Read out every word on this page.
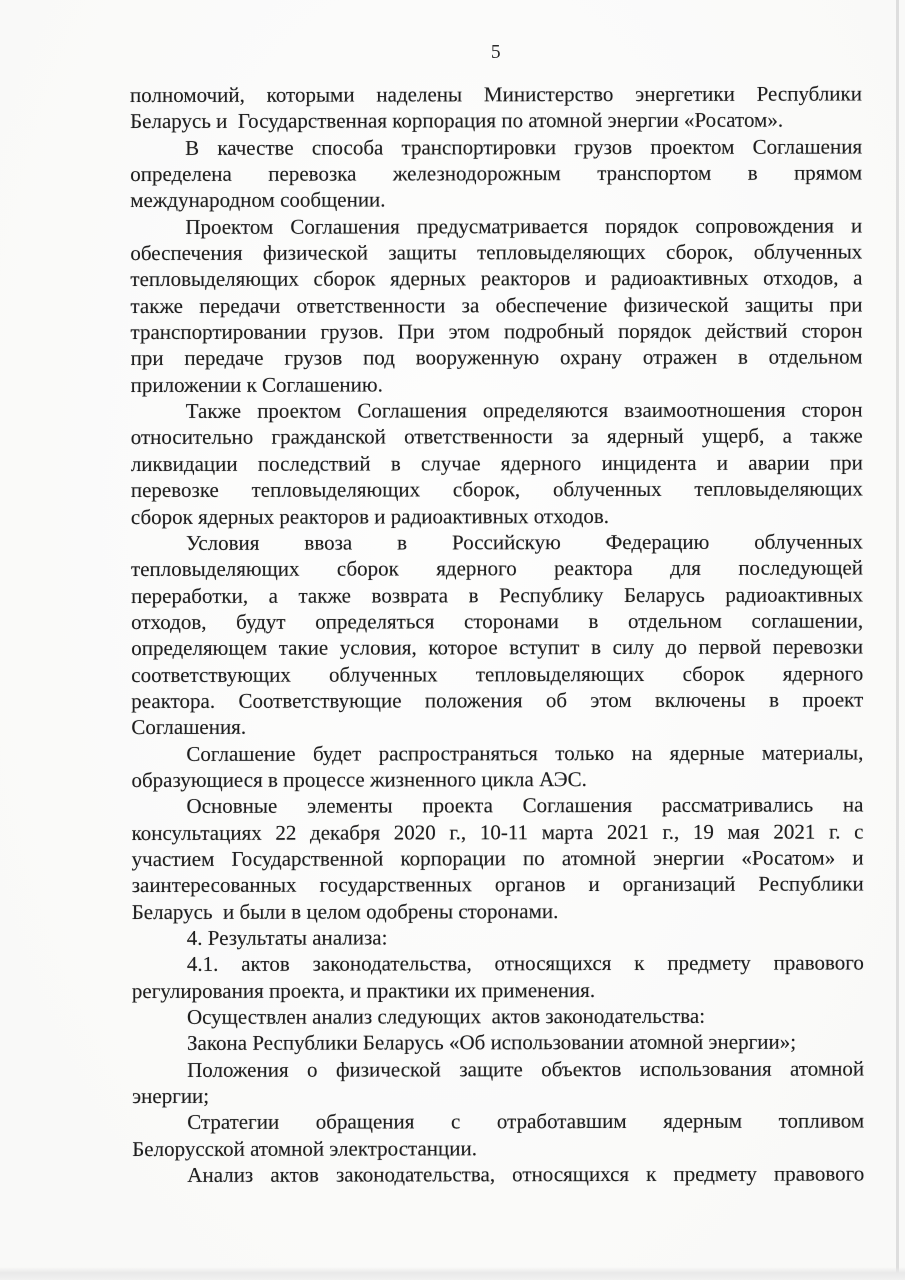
5
полномочий, которыми наделены Министерство энергетики Республики
Беларусь и  Государственная корпорация по атомной энергии «Росатом».
В качестве способа транспортировки грузов проектом Соглашения
определена перевозка железнодорожным транспортом в прямом
международном сообщении.
Проектом Соглашения предусматривается порядок сопровождения и
обеспечения физической защиты тепловыделяющих сборок, облученных
тепловыделяющих сборок ядерных реакторов и радиоактивных отходов, а
также передачи ответственности за обеспечение физической защиты при
транспортировании грузов. При этом подробный порядок действий сторон
при передаче грузов под вооруженную охрану отражен в отдельном
приложении к Соглашению.
Также проектом Соглашения определяются взаимоотношения сторон
относительно гражданской ответственности за ядерный ущерб, а также
ликвидации последствий в случае ядерного инцидента и аварии при
перевозке тепловыделяющих сборок, облученных тепловыделяющих
сборок ядерных реакторов и радиоактивных отходов.
Условия ввоза в Российскую Федерацию облученных
тепловыделяющих сборок ядерного реактора для последующей
переработки, а также возврата в Республику Беларусь радиоактивных
отходов, будут определяться сторонами в отдельном соглашении,
определяющем такие условия, которое вступит в силу до первой перевозки
соответствующих облученных тепловыделяющих сборок ядерного
реактора. Соответствующие положения об этом включены в проект
Соглашения.
Соглашение будет распространяться только на ядерные материалы,
образующиеся в процессе жизненного цикла АЭС.
Основные элементы проекта Соглашения рассматривались на
консультациях 22 декабря 2020 г., 10-11 марта 2021 г., 19 мая 2021 г. с
участием Государственной корпорации по атомной энергии «Росатом» и
заинтересованных государственных органов и организаций Республики
Беларусь  и были в целом одобрены сторонами.
4. Результаты анализа:
4.1. актов законодательства, относящихся к предмету правового
регулирования проекта, и практики их применения.
Осуществлен анализ следующих  актов законодательства:
Закона Республики Беларусь «Об использовании атомной энергии»;
Положения о физической защите объектов использования атомной
энергии;
Стратегии обращения с отработавшим ядерным топливом
Белорусской атомной электростанции.
Анализ актов законодательства, относящихся к предмету правового
